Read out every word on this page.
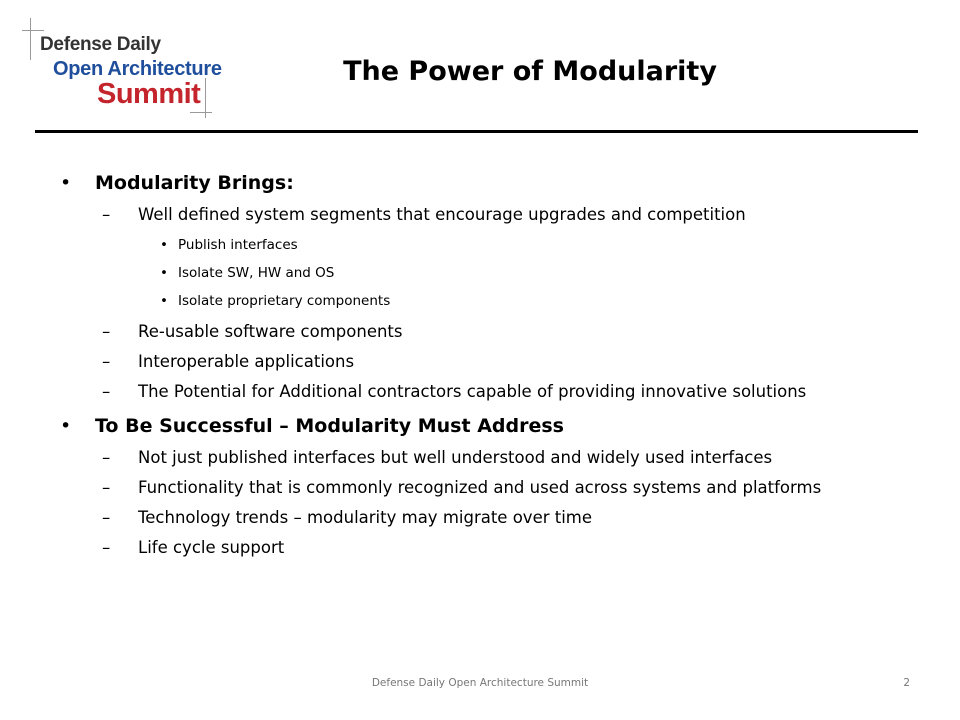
Defense Daily
Open Architecture
Summit
The Power of Modularity
• Modularity Brings:
– Well defined system segments that encourage upgrades and competition
• Publish interfaces
• Isolate SW, HW and OS
• Isolate proprietary components
– Re-usable software components
– Interoperable applications
– The Potential for Additional contractors capable of providing innovative solutions
• To Be Successful – Modularity Must Address
– Not just published interfaces but well understood and widely used interfaces
– Functionality that is commonly recognized and used across systems and platforms
– Technology trends – modularity may migrate over time
– Life cycle support
Defense Daily Open Architecture Summit	2
